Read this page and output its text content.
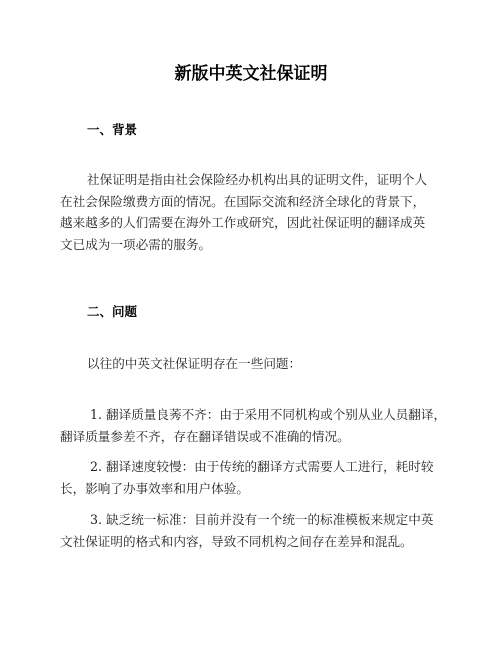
新版中英文社保证明
一、背景
社保证明是指由社会保险经办机构出具的证明文件，证明个人
在社会保险缴费方面的情况。在国际交流和经济全球化的背景下，
越来越多的人们需要在海外工作或研究，因此社保证明的翻译成英
文已成为一项必需的服务。
二、问题
以往的中英文社保证明存在一些问题：
1. 翻译质量良莠不齐：由于采用不同机构或个别从业人员翻译，
翻译质量参差不齐，存在翻译错误或不准确的情况。
2. 翻译速度较慢：由于传统的翻译方式需要人工进行，耗时较
长，影响了办事效率和用户体验。
3. 缺乏统一标准：目前并没有一个统一的标准模板来规定中英
文社保证明的格式和内容，导致不同机构之间存在差异和混乱。
